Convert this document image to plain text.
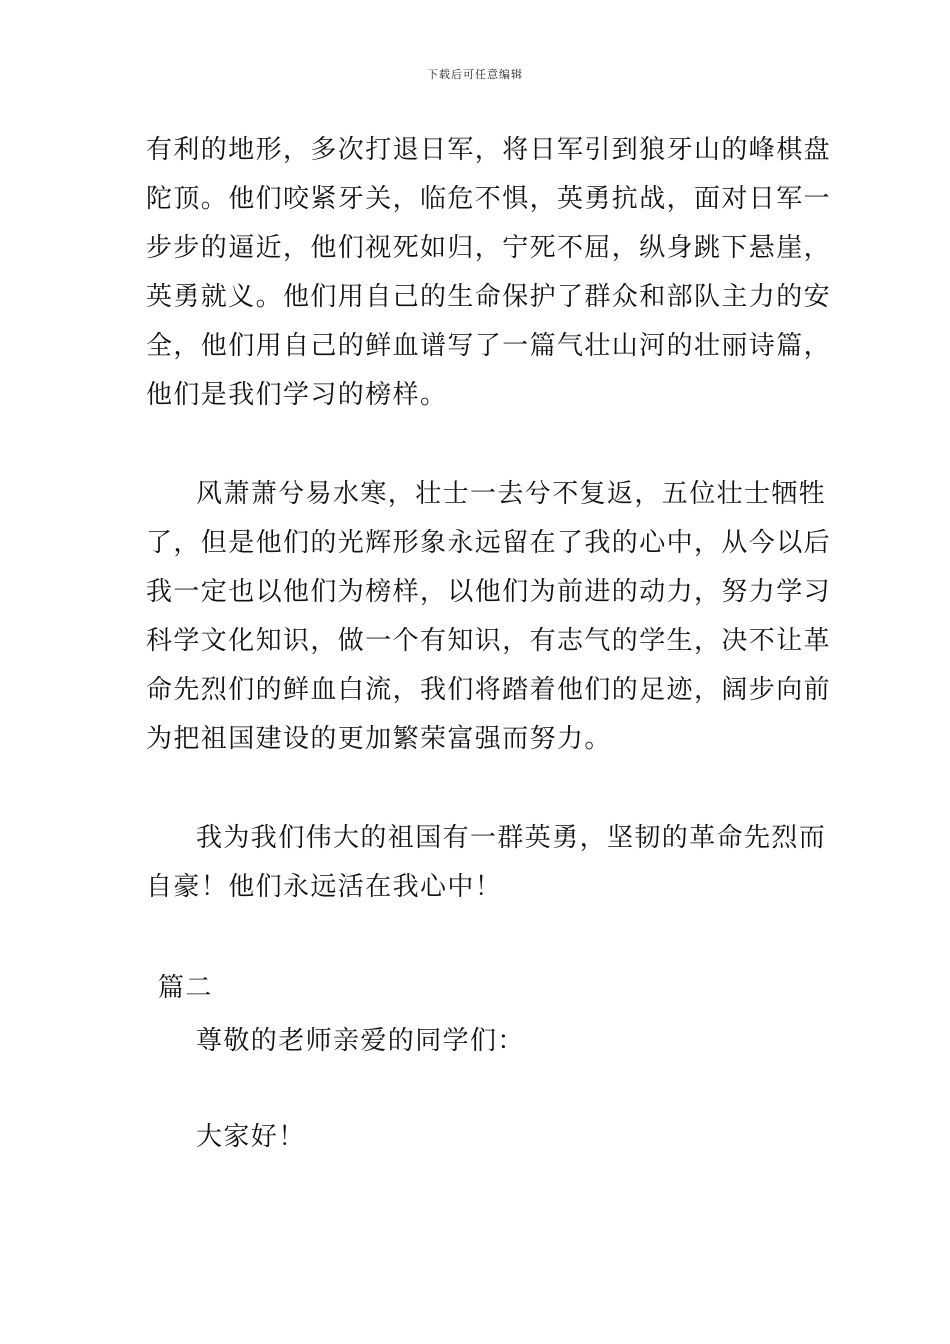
下载后可任意编辑
有利的地形，多次打退日军，将日军引到狼牙山的峰棋盘
陀顶。他们咬紧牙关，临危不惧，英勇抗战，面对日军一
步步的逼近，他们视死如归，宁死不屈，纵身跳下悬崖，
英勇就义。他们用自己的生命保护了群众和部队主力的安
全，他们用自己的鲜血谱写了一篇气壮山河的壮丽诗篇，
他们是我们学习的榜样。
风萧萧兮易水寒，壮士一去兮不复返，五位壮士牺牲
了，但是他们的光辉形象永远留在了我的心中，从今以后
我一定也以他们为榜样，以他们为前进的动力，努力学习
科学文化知识，做一个有知识，有志气的学生，决不让革
命先烈们的鲜血白流，我们将踏着他们的足迹，阔步向前
为把祖国建设的更加繁荣富强而努力。
我为我们伟大的祖国有一群英勇，坚韧的革命先烈而
自豪！他们永远活在我心中！
篇二
尊敬的老师亲爱的同学们：
大家好！
